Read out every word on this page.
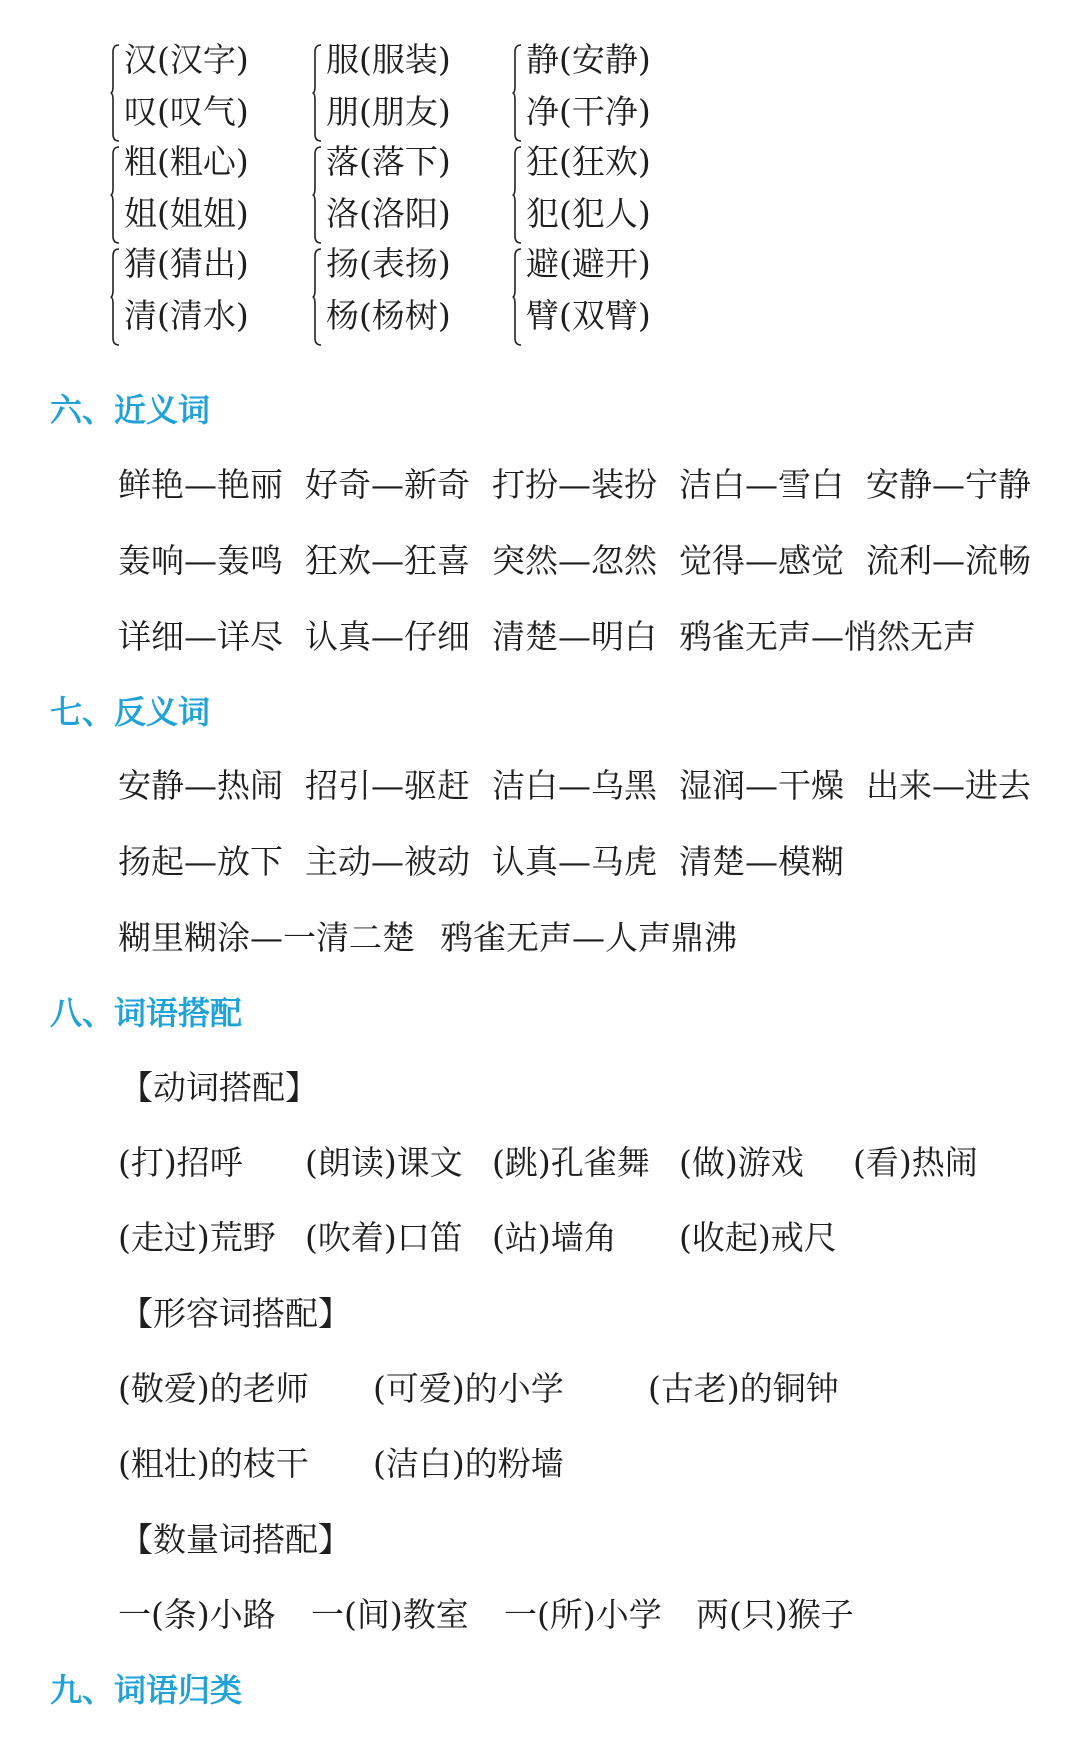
汉(汉字)
叹(叹气)
服(服装)
朋(朋友)
静(安静)
净(干净)
粗(粗心)
姐(姐姐)
落(落下)
洛(洛阳)
狂(狂欢)
犯(犯人)
猜(猜出)
清(清水)
扬(表扬)
杨(杨树)
避(避开)
臂(双臂)
六、近义词
鲜艳—艳丽 好奇—新奇 打扮—装扮 洁白—雪白 安静—宁静
轰响—轰鸣 狂欢—狂喜 突然—忽然 觉得—感觉 流利—流畅
详细—详尽 认真—仔细 清楚—明白 鸦雀无声—悄然无声
七、反义词
安静—热闹 招引—驱赶 洁白—乌黑 湿润—干燥 出来—进去
扬起—放下 主动—被动 认真—马虎 清楚—模糊
糊里糊涂—一清二楚 鸦雀无声—人声鼎沸
八、词语搭配
【动词搭配】
(打)招呼 (朗读)课文 (跳)孔雀舞 (做)游戏 (看)热闹
(走过)荒野 (吹着)口笛 (站)墙角 (收起)戒尺
【形容词搭配】
(敬爱)的老师 (可爱)的小学	(古老)的铜钟
(粗壮)的枝干 (洁白)的粉墙
【数量词搭配】
一(条)小路 一(间)教室 一(所)小学 两(只)猴子
九、词语归类
